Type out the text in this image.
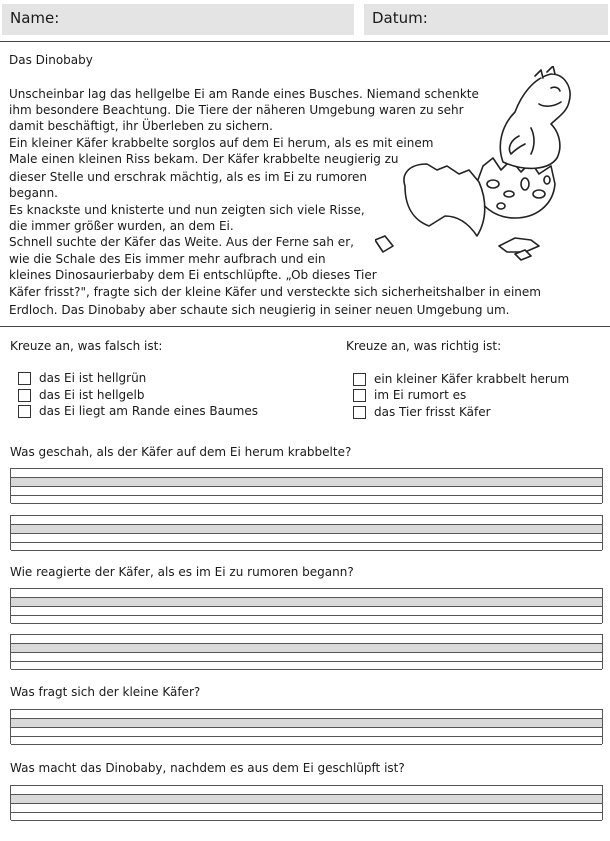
Name:	Datum:
Das Dinobaby
Unscheinbar lag das hellgelbe Ei am Rande eines Busches. Niemand schenkte
ihm besondere Beachtung. Die Tiere der näheren Umgebung waren zu sehr
damit beschäftigt, ihr Überleben zu sichern.
Ein kleiner Käfer krabbelte sorglos auf dem Ei herum, als es mit einem
Male einen kleinen Riss bekam. Der Käfer krabbelte neugierig zu
dieser Stelle und erschrak mächtig, als es im Ei zu rumoren
begann.
Es knackste und knisterte und nun zeigten sich viele Risse,
die immer größer wurden, an dem Ei.
Schnell suchte der Käfer das Weite. Aus der Ferne sah er,
wie die Schale des Eis immer mehr aufbrach und ein
kleines Dinosaurierbaby dem Ei entschlüpfte. „Ob dieses Tier
Käfer frisst?", fragte sich der kleine Käfer und versteckte sich sicherheitshalber in einem
Erdloch. Das Dinobaby aber schaute sich neugierig in seiner neuen Umgebung um.
Kreuze an, was falsch ist:
das Ei ist hellgrün
das Ei ist hellgelb
das Ei liegt am Rande eines Baumes
Kreuze an, was richtig ist:
ein kleiner Käfer krabbelt herum
im Ei rumort es
das Tier frisst Käfer
Was geschah, als der Käfer auf dem Ei herum krabbelte?
Wie reagierte der Käfer, als es im Ei zu rumoren begann?
Was fragt sich der kleine Käfer?
Was macht das Dinobaby, nachdem es aus dem Ei geschlüpft ist?
